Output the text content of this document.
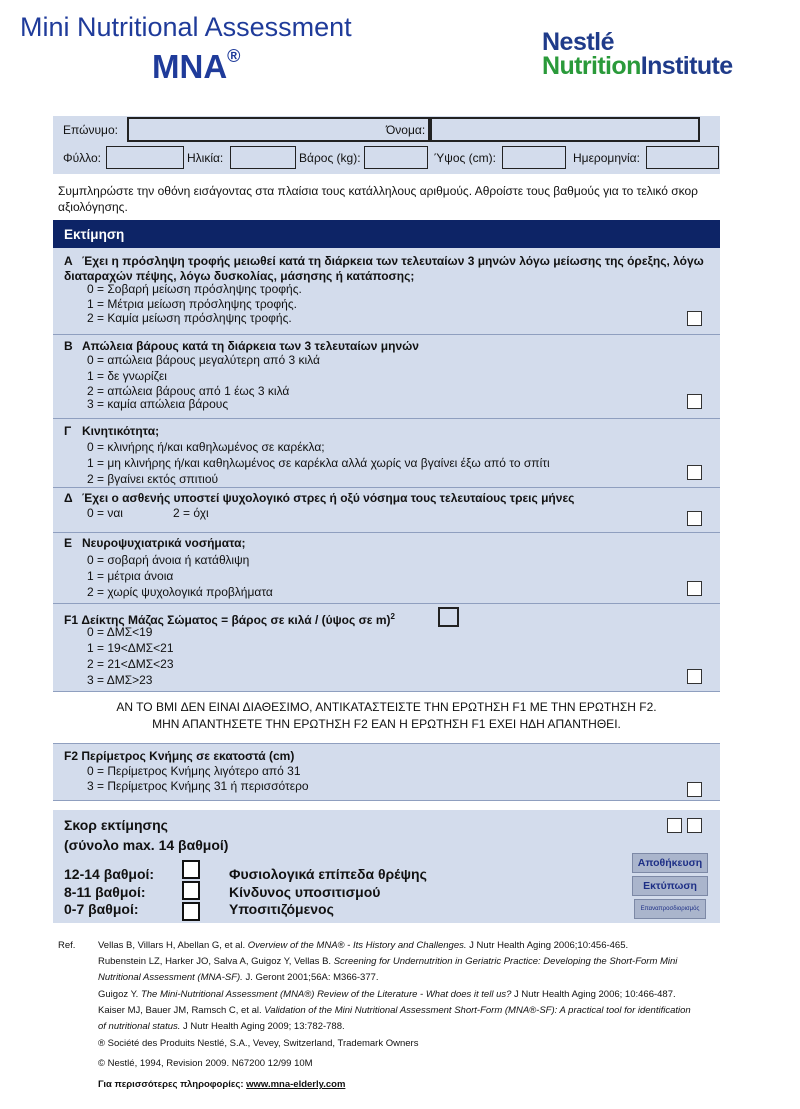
Mini Nutritional Assessment
MNA®	Nestlé
NutritionInstitute
Επώνυμο:	Όνομα:
Φύλλο:	Ηλικία:	Βάρος (kg):	Ύψος (cm):	Ημερομηνία:
Συμπληρώστε την οθόνη εισάγοντας στα πλαίσια τους κατάλληλους αριθμούς. Αθροίστε τους βαθμούς για το τελικό σκορ αξιολόγησης.
Εκτίμηση
Α Έχει η πρόσληψη τροφής μειωθεί κατά τη διάρκεια των τελευταίων 3 μηνών λόγω μείωσης της όρεξης, λόγω διαταραχών πέψης, λόγω δυσκολίας, μάσησης ή κατάποσης;
0 = Σοβαρή μείωση πρόσληψης τροφής.
1 = Μέτρια μείωση πρόσληψης τροφής.
2 = Καμία μείωση πρόσληψης τροφής.
Β Απώλεια βάρους κατά τη διάρκεια των 3 τελευταίων μηνών
0 = απώλεια βάρους μεγαλύτερη από 3 κιλά
1 = δε γνωρίζει
2 = απώλεια βάρους από 1 έως 3 κιλά
3 = καμία απώλεια βάρους
Γ Κινητικότητα;
0 = κλινήρης ή/και καθηλωμένος σε καρέκλα;
1 = μη κλινήρης ή/και καθηλωμένος σε καρέκλα αλλά χωρίς να βγαίνει έξω από το σπίτι
2 = βγαίνει εκτός σπιτιού
Δ Έχει ο ασθενής υποστεί ψυχολογικό στρες ή οξύ νόσημα τους τελευταίους τρεις μήνες
0 = ναι	2 = όχι
Ε Νευροψυχιατρικά νοσήματα;
0 = σοβαρή άνοια ή κατάθλιψη
1 = μέτρια άνοια
2 = χωρίς ψυχολογικά προβλήματα
F1 Δείκτης Μάζας Σώματος = βάρος σε κιλά / (ύψος σε m)$^2$
0 = ΔΜΣ<19
1 = 19<ΔΜΣ<21
2 = 21<ΔΜΣ<23
3 = ΔΜΣ>23
ΑΝ ΤΟ BMI ΔΕΝ ΕΙΝΑΙ ΔΙΑΘΕΣΙΜΟ, ΑΝΤΙΚΑΤΑΣΤΕΙΣΤΕ ΤΗΝ ΕΡΩΤΗΣΗ F1 ΜΕ ΤΗΝ ΕΡΩΤΗΣΗ F2.
ΜΗΝ ΑΠΑΝΤΗΣΕΤΕ ΤΗΝ ΕΡΩΤΗΣΗ F2 ΕΑΝ Η ΕΡΩΤΗΣΗ F1 ΕΧΕΙ ΗΔΗ ΑΠΑΝΤΗΘΕΙ.
F2 Περίμετρος Κνήμης σε εκατοστά (cm)
0 = Περίμετρος Κνήμης λιγότερο από 31
3 = Περίμετρος Κνήμης 31 ή περισσότερο
Σκορ εκτίμησης
(σύνολο max. 14 βαθμοί)
12-14 βαθμοί:	Φυσιολογικά επίπεδα θρέψης
8-11 βαθμοί:	Κίνδυνος υποσιτισμού
0-7 βαθμοί:	Υποσιτιζόμενος
Αποθήκευση
Εκτύπωση
Επαναπροσδιορισμός
Ref. Vellas B, Villars H, Abellan G, et al. Overview of the MNA® - Its History and Challenges. J Nutr Health Aging 2006;10:456-465.
Rubenstein LZ, Harker JO, Salva A, Guigoz Y, Vellas B. Screening for Undernutrition in Geriatric Practice: Developing the Short-Form Mini
Nutritional Assessment (MNA-SF). J. Geront 2001;56A: M366-377.
Guigoz Y. The Mini-Nutritional Assessment (MNA®) Review of the Literature - What does it tell us? J Nutr Health Aging 2006; 10:466-487.
Kaiser MJ, Bauer JM, Ramsch C, et al. Validation of the Mini Nutritional Assessment Short-Form (MNA®-SF): A practical tool for identification
of nutritional status. J Nutr Health Aging 2009; 13:782-788.
® Société des Produits Nestlé, S.A., Vevey, Switzerland, Trademark Owners
© Nestlé, 1994, Revision 2009. N67200 12/99 10M
Για περισσότερες πληροφορίες: www.mna-elderly.com
